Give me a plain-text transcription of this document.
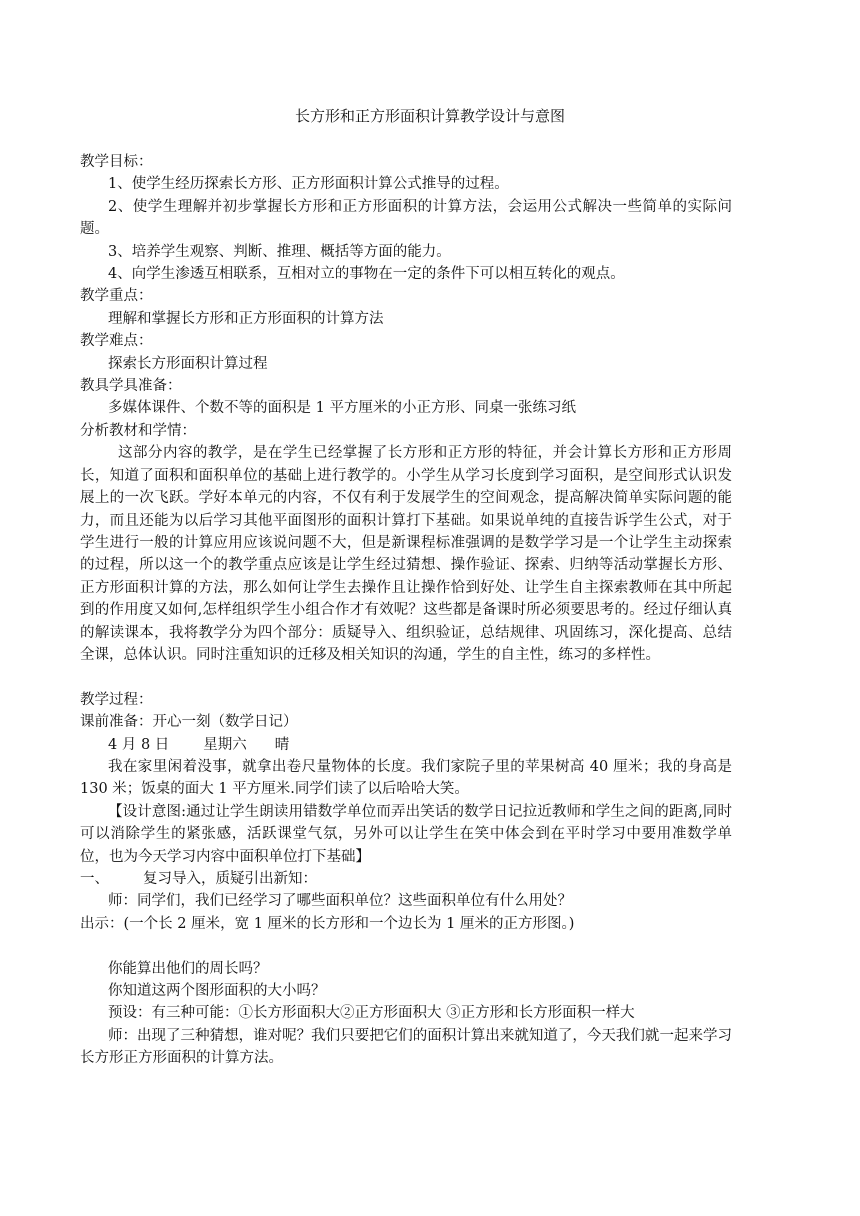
长方形和正方形面积计算教学设计与意图

教学目标：

1、使学生经历探索长方形、正方形面积计算公式推导的过程。

2、使学生理解并初步掌握长方形和正方形面积的计算方法，会运用公式解决一些简单的实际问题。

3、培养学生观察、判断、推理、概括等方面的能力。

4、向学生渗透互相联系，互相对立的事物在一定的条件下可以相互转化的观点。

教学重点：

理解和掌握长方形和正方形面积的计算方法

教学难点：

探索长方形面积计算过程

教具学具准备：

多媒体课件、个数不等的面积是 1 平方厘米的小正方形、同桌一张练习纸

分析教材和学情：

这部分内容的教学，是在学生已经掌握了长方形和正方形的特征，并会计算长方形和正方形周长，知道了面积和面积单位的基础上进行教学的。小学生从学习长度到学习面积，是空间形式认识发展上的一次飞跃。学好本单元的内容，不仅有利于发展学生的空间观念，提高解决简单实际问题的能力，而且还能为以后学习其他平面图形的面积计算打下基础。如果说单纯的直接告诉学生公式，对于学生进行一般的计算应用应该说问题不大，但是新课程标准强调的是数学学习是一个让学生主动探索的过程，所以这一个的教学重点应该是让学生经过猜想、操作验证、探索、归纳等活动掌握长方形、正方形面积计算的方法，那么如何让学生去操作且让操作恰到好处、让学生自主探索教师在其中所起到的作用度又如何,怎样组织学生小组合作才有效呢？这些都是备课时所必须要思考的。经过仔细认真的解读课本，我将教学分为四个部分：质疑导入、组织验证，总结规律、巩固练习，深化提高、总结全课，总体认识。同时注重知识的迁移及相关知识的沟通，学生的自主性，练习的多样性。

教学过程：

课前准备：开心一刻（数学日记）

4 月 8 日 星期六 晴

我在家里闲着没事，就拿出卷尺量物体的长度。我们家院子里的苹果树高 40 厘米；我的身高是 130 米；饭桌的面大 1 平方厘米.同学们读了以后哈哈大笑。

【设计意图:通过让学生朗读用错数学单位而弄出笑话的数学日记拉近教师和学生之间的距离,同时可以消除学生的紧张感，活跃课堂气氛，另外可以让学生在笑中体会到在平时学习中要用准数学单位，也为今天学习内容中面积单位打下基础】

一、 复习导入，质疑引出新知：

师：同学们，我们已经学习了哪些面积单位？这些面积单位有什么用处？

出示：(一个长 2 厘米，宽 1 厘米的长方形和一个边长为 1 厘米的正方形图。)

你能算出他们的周长吗？

你知道这两个图形面积的大小吗？

预设：有三种可能：①长方形面积大②正方形面积大 ③正方形和长方形面积一样大

师：出现了三种猜想，谁对呢？我们只要把它们的面积计算出来就知道了，今天我们就一起来学习长方形正方形面积的计算方法。
